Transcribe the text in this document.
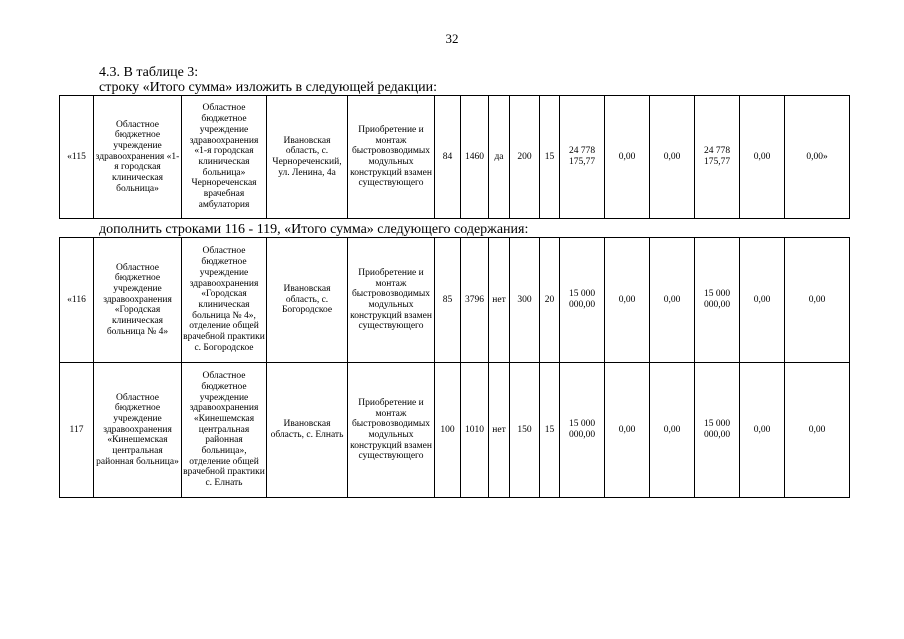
32
4.3. В таблице 3:
строку «Итого сумма» изложить в следующей редакции:
«115	Областное бюджетное учреждение здравоохранения «1-я городская клиническая больница»	Областное бюджетное учреждение здравоохранения «1-я городская клиническая больница» Чернореченская врачебная амбулатория	Ивановская область, с. Чернореченский, ул. Ленина, 4а	Приобретение и монтаж быстровозводимых модульных конструкций взамен существующего	84	1460	да	200	15	24 778 175,77	0,00	0,00	24 778 175,77	0,00	0,00»
дополнить строками 116 - 119, «Итого сумма» следующего содержания:
«116	Областное бюджетное учреждение здравоохранения «Городская клиническая больница № 4»	Областное бюджетное учреждение здравоохранения «Городская клиническая больница № 4», отделение общей врачебной практики с. Богородское	Ивановская область, с. Богородское	Приобретение и монтаж быстровозводимых модульных конструкций взамен существующего	85	3796	нет	300	20	15 000 000,00	0,00	0,00	15 000 000,00	0,00	0,00
117	Областное бюджетное учреждение здравоохранения «Кинешемская центральная районная больница»	Областное бюджетное учреждение здравоохранения «Кинешемская центральная районная больница», отделение общей врачебной практики с. Елнать	Ивановская область, с. Елнать	Приобретение и монтаж быстровозводимых модульных конструкций взамен существующего	100	1010	нет	150	15	15 000 000,00	0,00	0,00	15 000 000,00	0,00	0,00
